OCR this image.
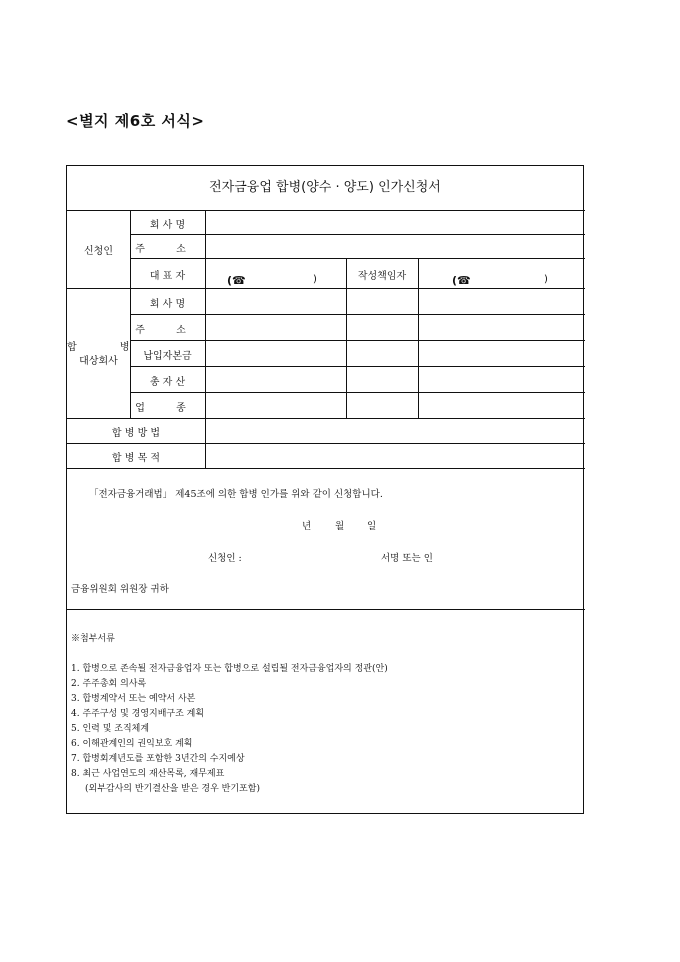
<별지 제6호 서식>
전자금융업 합병(양수 · 양도) 인가신청서
신청인
회 사 명
주 소
대 표 자	(☎	)	작성책임자	(☎	)
합 병
대상회사
회 사 명
주 소
납입자본금
총 자 산
업 종
합 병 방 법
합 병 목 적
「전자금융거래법」 제45조에 의한 합병 인가를 위와 같이 신청합니다.
년	월 일
신청인 :	서명 또는 인
금융위원회 위원장 귀하
※첨부서류
1. 합병으로 존속될 전자금융업자 또는 합병으로 설립될 전자금융업자의 정관(안)
2. 주주총회 의사록
3. 합병계약서 또는 예약서 사본
4. 주주구성 및 경영지배구조 계획
5. 인력 및 조직체계
6. 이해관계인의 권익보호 계획
7. 합병회계년도를 포함한 3년간의 수지예상
8. 최근 사업연도의 재산목록, 재무제표
(외부감사의 반기결산을 받은 경우 반기포함)
